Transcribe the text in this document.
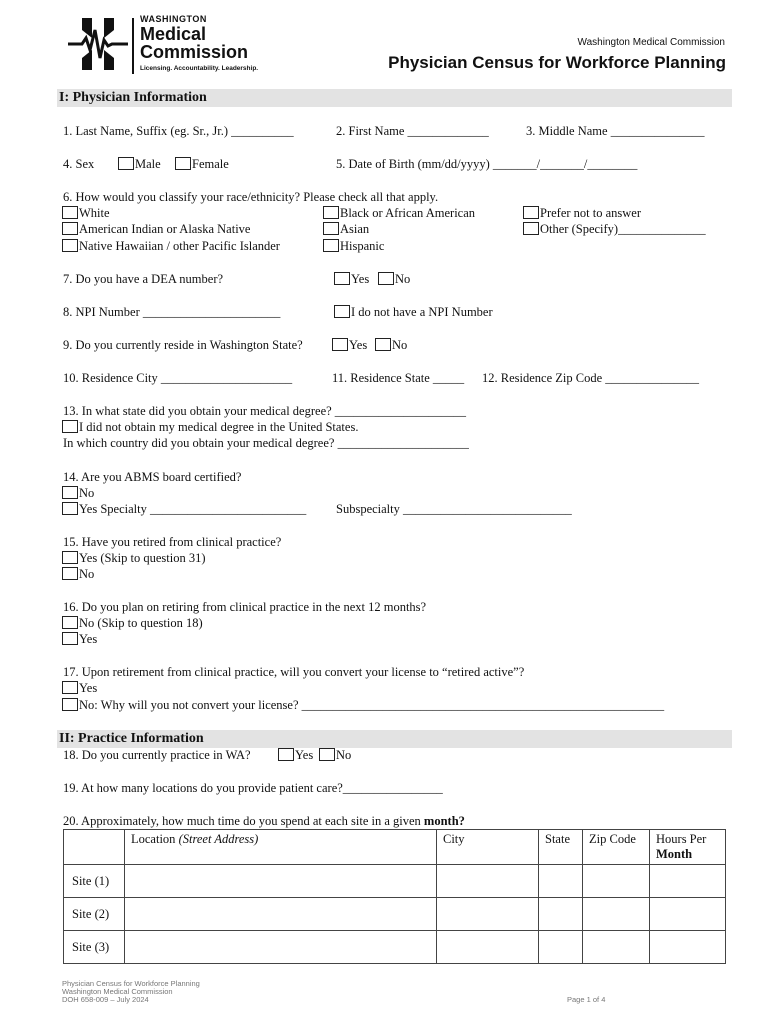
WASHINGTON
Medical
Commission
Licensing. Accountability. Leadership.
Washington Medical Commission
Physician Census for Workforce Planning
I: Physician Information
1. Last Name, Suffix (eg. Sr., Jr.) __________	2. First Name _____________	3. Middle Name _______________
4. Sex	Male	Female	5. Date of Birth (mm/dd/yyyy) _______/_______/________
6. How would you classify your race/ethnicity? Please check all that apply.
White
American Indian or Alaska Native
Native Hawaiian / other Pacific Islander
Black or African American
Asian
Hispanic
Prefer not to answer
Other (Specify)______________
7. Do you have a DEA number?	Yes	No
8. NPI Number ______________________	I do not have a NPI Number
9. Do you currently reside in Washington State?	Yes	No
10. Residence City _____________________	11. Residence State _____ 12. Residence Zip Code _______________
13. In what state did you obtain your medical degree? _____________________
I did not obtain my medical degree in the United States.
In which country did you obtain your medical degree? _____________________
14. Are you ABMS board certified?
No
Yes Specialty _________________________ Subspecialty ___________________________
15. Have you retired from clinical practice?
Yes (Skip to question 31)
No
16. Do you plan on retiring from clinical practice in the next 12 months?
No (Skip to question 18)
Yes
17. Upon retirement from clinical practice, will you convert your license to “retired active”?
Yes
No: Why will you not convert your license? __________________________________________________________
II: Practice Information
18. Do you currently practice in WA?	Yes	No
19. At how many locations do you provide patient care?________________
20. Approximately, how much time do you spend at each site in a given month?
	Location (Street Address)	City	State	Zip Code	Hours Per
Month
Site (1)					
Site (2)					
Site (3)					
Physician Census for Workforce Planning
Washington Medical Commission
DOH 658-009 – July 2024	Page 1 of 4
